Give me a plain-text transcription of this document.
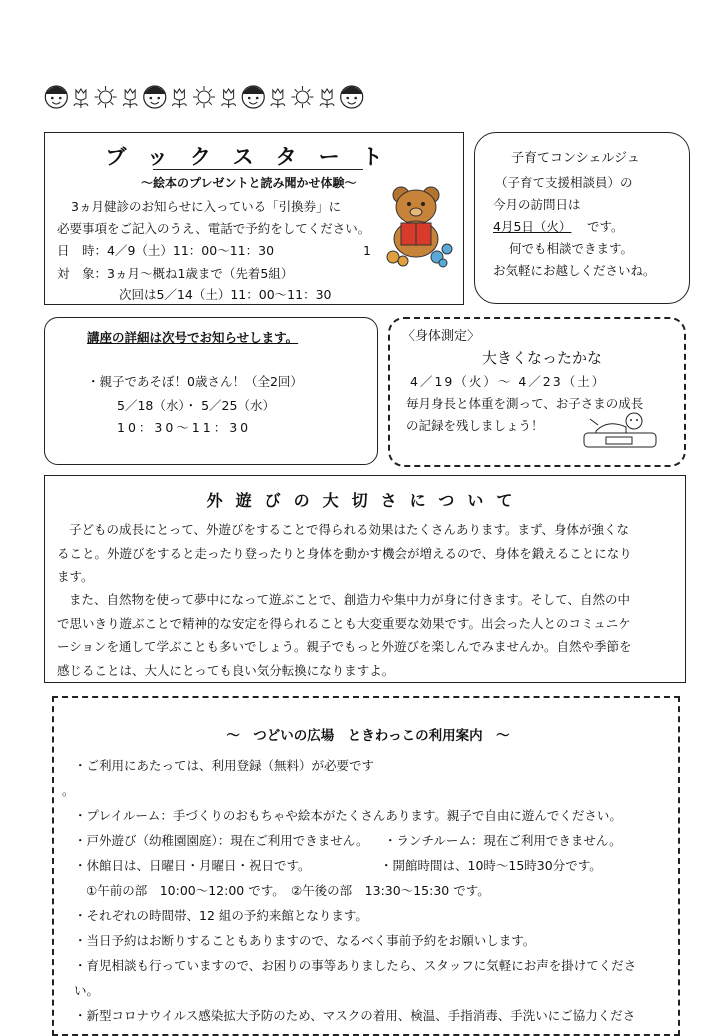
ブックスタート
～絵本のプレゼントと読み聞かせ体験～
3ヵ月健診のお知らせに入っている「引換券」に
必要事項をご記入のうえ、電話で予約をしてください。
日　時：4／9（土）11：00～11：30	1
対　象：3ヵ月～概ね1歳まで（先着5組）
次回は5／14（土）11：00～11：30
子育てコンシェルジュ
（子育て支援相談員）の
今月の訪問日は
4月5日（火） です。
何でも相談できます。
お気軽にお越しくださいね。
講座の詳細は次号でお知らせします。
・親子であそぼ！0歳さん！（全2回）
5／18（水）・ 5／25（水）
10：30～11：30
〈身体測定〉
大きくなったかな
4／19（火）～ 4／23（土）
毎月身長と体重を測って、お子さまの成長
の記録を残しましょう！
外遊びの大切さについて
子どもの成長にとって、外遊びをすることで得られる効果はたくさんあります。まず、身体が強くな
ること。外遊びをすると走ったり登ったりと身体を動かす機会が増えるので、身体を鍛えることになり
ます。
また、自然物を使って夢中になって遊ぶことで、創造力や集中力が身に付きます。そして、自然の中
で思いきり遊ぶことで精神的な安定を得られることも大変重要な効果です。出会った人とのコミュニケ
ーションを通して学ぶことも多いでしょう。親子でもっと外遊びを楽しんでみませんか。自然や季節を
感じることは、大人にとっても良い気分転換になりますよ。
～　つどいの広場　ときわっこの利用案内　～
・ご利用にあたっては、利用登録（無料）が必要です
。
・プレイルーム：手づくりのおもちゃや絵本がたくさんあります。親子で自由に遊んでください。
・戸外遊び（幼稚園園庭）：現在ご利用できません。 ・ランチルーム：現在ご利用できません。
・休館日は、日曜日・月曜日・祝日です。	・開館時間は、10時～15時30分です。
①午前の部　10:00～12:00 です。　②午後の部　13:30～15:30 です。
・それぞれの時間帯、12 組の予約来館となります。
・当日予約はお断りすることもありますので、なるべく事前予約をお願いします。
・育児相談も行っていますので、お困りの事等ありましたら、スタッフに気軽にお声を掛けてくださ
い。
・新型コロナウイルス感染拡大予防のため、マスクの着用、検温、手指消毒、手洗いにご協力くださ
